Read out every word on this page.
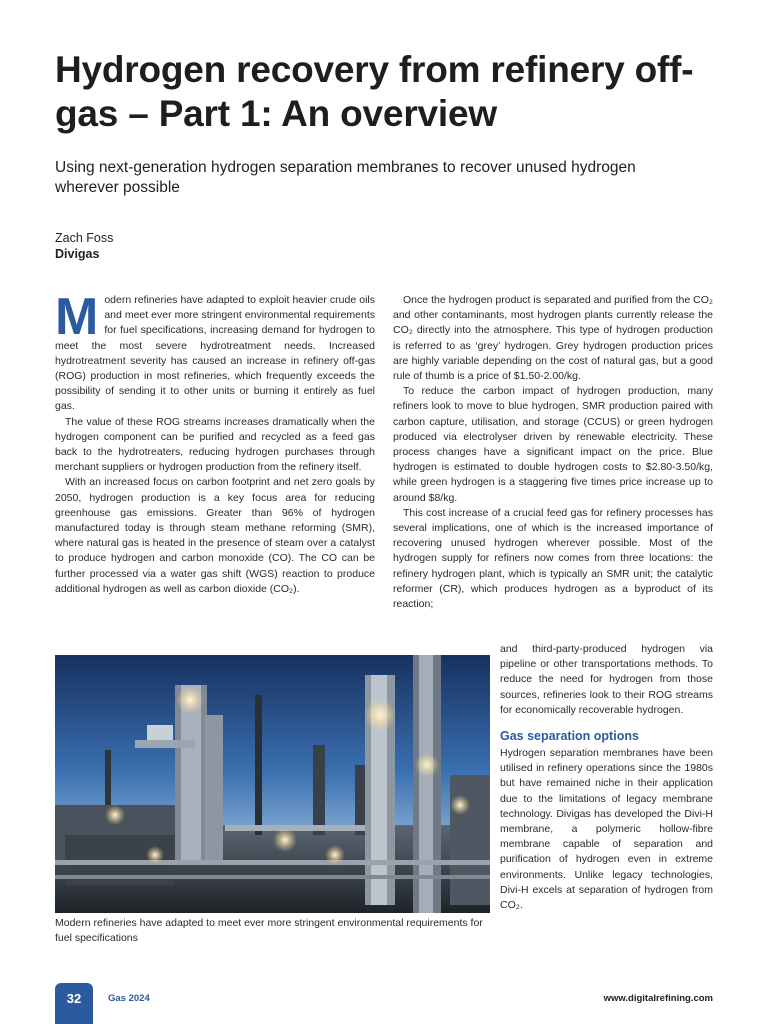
Hydrogen recovery from refinery off-gas – Part 1: An overview

Using next-generation hydrogen separation membranes to recover unused hydrogen wherever possible

Zach Foss
Divigas

Modern refineries have adapted to exploit heavier crude oils and meet ever more stringent environmental requirements for fuel specifications, increasing demand for hydrogen to meet the most severe hydrotreatment needs. Increased hydrotreatment severity has caused an increase in refinery off-gas (ROG) production in most refineries, which frequently exceeds the possibility of sending it to other units or burning it entirely as fuel gas.

The value of these ROG streams increases dramatically when the hydrogen component can be purified and recycled as a feed gas back to the hydrotreaters, reducing hydrogen purchases through merchant suppliers or hydrogen production from the refinery itself.

With an increased focus on carbon footprint and net zero goals by 2050, hydrogen production is a key focus area for reducing greenhouse gas emissions. Greater than 96% of hydrogen manufactured today is through steam methane reforming (SMR), where natural gas is heated in the presence of steam over a catalyst to produce hydrogen and carbon monoxide (CO). The CO can be further processed via a water gas shift (WGS) reaction to produce additional hydrogen as well as carbon dioxide (CO₂).

Once the hydrogen product is separated and purified from the CO₂ and other contaminants, most hydrogen plants currently release the CO₂ directly into the atmosphere. This type of hydrogen production is referred to as ‘grey’ hydrogen. Grey hydrogen production prices are highly variable depending on the cost of natural gas, but a good rule of thumb is a price of $1.50-2.00/kg.

To reduce the carbon impact of hydrogen production, many refiners look to move to blue hydrogen, SMR production paired with carbon capture, utilisation, and storage (CCUS) or green hydrogen produced via electrolyser driven by renewable electricity. These process changes have a significant impact on the price. Blue hydrogen is estimated to double hydrogen costs to $2.80-3.50/kg, while green hydrogen is a staggering five times price increase up to around $8/kg.

This cost increase of a crucial feed gas for refinery processes has several implications, one of which is the increased importance of recovering unused hydrogen wherever possible. Most of the hydrogen supply for refiners now comes from three locations: the refinery hydrogen plant, which is typically an SMR unit; the catalytic reformer (CR), which produces hydrogen as a byproduct of its reaction;

and third-party-produced hydrogen via pipeline or other transportations methods. To reduce the need for hydrogen from those sources, refineries look to their ROG streams for economically recoverable hydrogen.

Gas separation options

Hydrogen separation membranes have been utilised in refinery operations since the 1980s but have remained niche in their application due to the limitations of legacy membrane technology. Divigas has developed the Divi-H membrane, a polymeric hollow-fibre membrane capable of separation and purification of hydrogen even in extreme environments. Unlike legacy technologies, Divi-H excels at separation of hydrogen from CO₂.

Modern refineries have adapted to meet ever more stringent environmental requirements for fuel specifications
32	Gas 2024	www.digitalrefining.com
